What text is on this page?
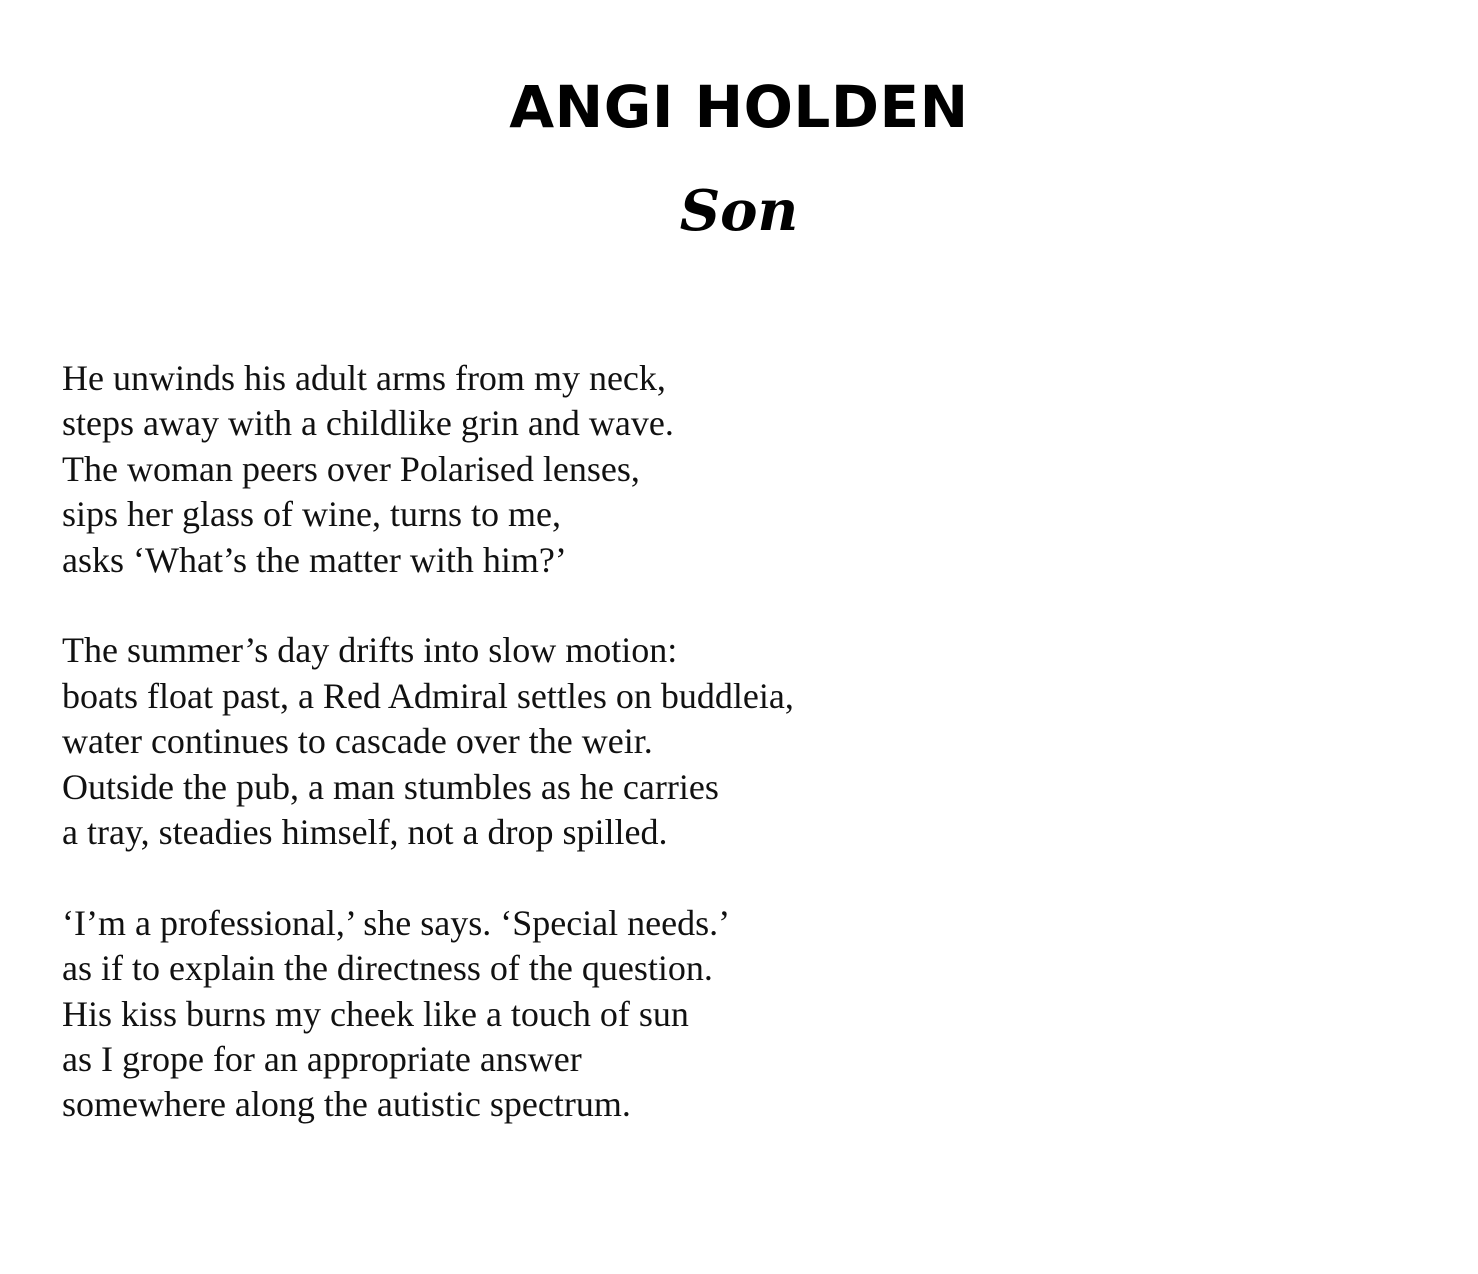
ANGI HOLDEN
Son

He unwinds his adult arms from my neck,
steps away with a childlike grin and wave.
The woman peers over Polarised lenses,
sips her glass of wine, turns to me,
asks ‘What’s the matter with him?’

The summer’s day drifts into slow motion:
boats float past, a Red Admiral settles on buddleia,
water continues to cascade over the weir.
Outside the pub, a man stumbles as he carries
a tray, steadies himself, not a drop spilled.

‘I’m a professional,’ she says. ‘Special needs.’
as if to explain the directness of the question.
His kiss burns my cheek like a touch of sun
as I grope for an appropriate answer
somewhere along the autistic spectrum.
